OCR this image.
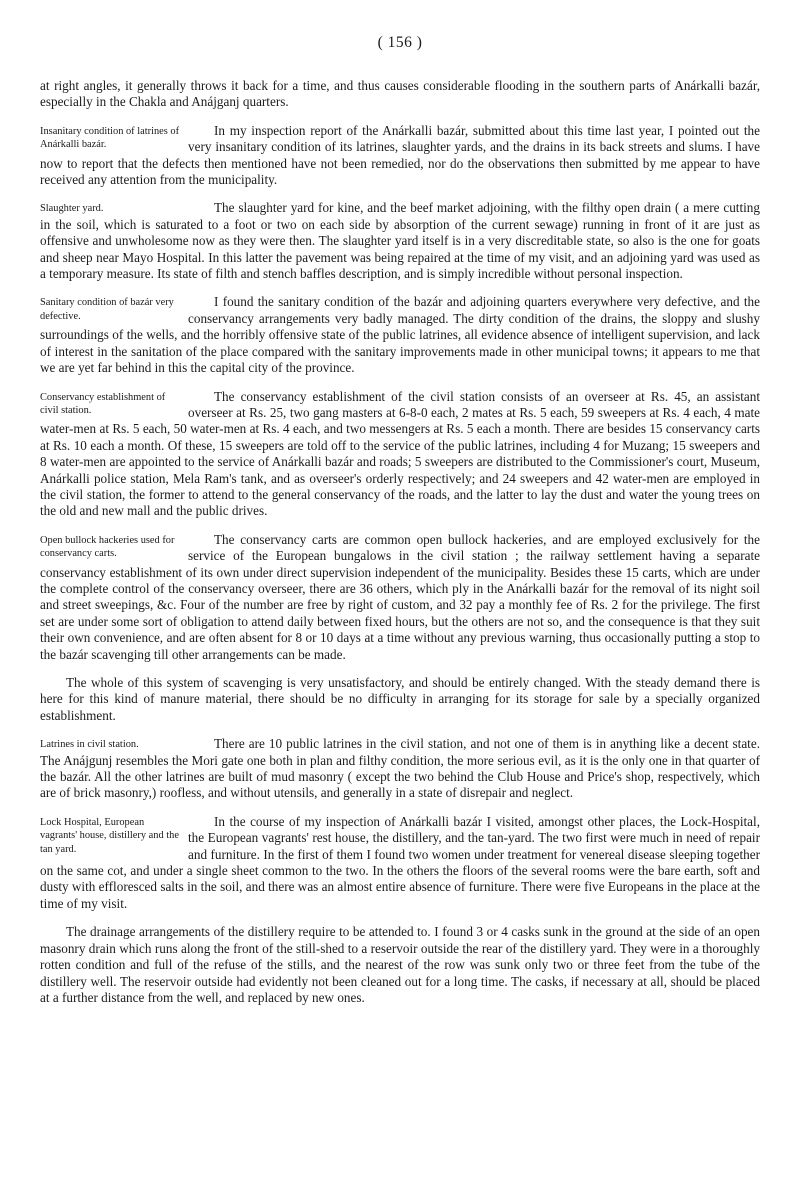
( 156 )
at right angles, it generally throws it back for a time, and thus causes considerable flooding in the southern parts of Anárkalli bazár, especially in the Chakla and Anájganj quarters.
Insanitary condition of latrines of Anárkalli bazár.
In my inspection report of the Anárkalli bazár, submitted about this time last year, I pointed out the very insanitary condition of its latrines, slaughter yards, and the drains in its back streets and slums. I have now to report that the defects then mentioned have not been remedied, nor do the observations then submitted by me appear to have received any attention from the municipality.
Slaughter yard.	The slaughter yard for kine, and the beef market adjoining, with the filthy open drain ( a mere cutting in the soil, which is saturated to a foot or two on each side by absorption of the current sewage) running in front of it are just as offensive and unwholesome now as they were then. The slaughter yard itself is in a very discreditable state, so also is the one for goats and sheep near Mayo Hospital. In this latter the pavement was being repaired at the time of my visit, and an adjoining yard was used as a temporary measure. Its state of filth and stench baffles description, and is simply incredible without personal inspection.
Sanitary condition of bazár very defective.
I found the sanitary condition of the bazár and adjoining quarters everywhere very defective, and the conservancy arrangements very badly managed. The dirty condition of the drains, the sloppy and slushy surroundings of the wells, and the horribly offensive state of the public latrines, all evidence absence of intelligent supervision, and lack of interest in the sanitation of the place compared with the sanitary improvements made in other municipal towns; it appears to me that we are yet far behind in this the capital city of the province.
Conservancy establishment of civil station.
The conservancy establishment of the civil station consists of an overseer at Rs. 45, an assistant overseer at Rs. 25, two gang masters at 6-8-0 each, 2 mates at Rs. 5 each, 59 sweepers at Rs. 4 each, 4 mate water-men at Rs. 5 each, 50 water-men at Rs. 4 each, and two messengers at Rs. 5 each a month. There are besides 15 conservancy carts at Rs. 10 each a month. Of these, 15 sweepers are told off to the service of the public latrines, including 4 for Muzang; 15 sweepers and 8 water-men are appointed to the service of Anárkalli bazár and roads; 5 sweepers are distributed to the Commissioner's court, Museum, Anárkalli police station, Mela Ram's tank, and as overseer's orderly respectively; and 24 sweepers and 42 water-men are employed in the civil station, the former to attend to the general conservancy of the roads, and the latter to lay the dust and water the young trees on the old and new mall and the public drives.
Open bullock hackeries used for conservancy carts.
The conservancy carts are common open bullock hackeries, and are employed exclusively for the service of the European bungalows in the civil station ; the railway settlement having a separate conservancy establishment of its own under direct supervision independent of the municipality. Besides these 15 carts, which are under the complete control of the conservancy overseer, there are 36 others, which ply in the Anárkalli bazár for the removal of its night soil and street sweepings, &c. Four of the number are free by right of custom, and 32 pay a monthly fee of Rs. 2 for the privilege. The first set are under some sort of obligation to attend daily between fixed hours, but the others are not so, and the consequence is that they suit their own convenience, and are often absent for 8 or 10 days at a time without any previous warning, thus occasionally putting a stop to the bazár scavenging till other arrangements can be made.
The whole of this system of scavenging is very unsatisfactory, and should be entirely changed. With the steady demand there is here for this kind of manure material, there should be no difficulty in arranging for its storage for sale by a specially organized establishment.
Latrines in civil station.	There are 10 public latrines in the civil station, and not one of them is in anything like a decent state. The Anájgunj resembles the Mori gate one both in plan and filthy condition, the more serious evil, as it is the only one in that quarter of the bazár. All the other latrines are built of mud masonry ( except the two behind the Club House and Price's shop, respectively, which are of brick masonry,) roofless, and without utensils, and generally in a state of disrepair and neglect.
Lock Hospital, European vagrants' house, distillery and the tan yard.
In the course of my inspection of Anárkalli bazár I visited, amongst other places, the Lock-Hospital, the European vagrants' rest house, the distillery, and the tan-yard. The two first were much in need of repair and furniture. In the first of them I found two women under treatment for venereal disease sleeping together on the same cot, and under a single sheet common to the two. In the others the floors of the several rooms were the bare earth, soft and dusty with effloresced salts in the soil, and there was an almost entire absence of furniture. There were five Europeans in the place at the time of my visit.
The drainage arrangements of the distillery require to be attended to. I found 3 or 4 casks sunk in the ground at the side of an open masonry drain which runs along the front of the still-shed to a reservoir outside the rear of the distillery yard. They were in a thoroughly rotten condition and full of the refuse of the stills, and the nearest of the row was sunk only two or three feet from the tube of the distillery well. The reservoir outside had evidently not been cleaned out for a long time. The casks, if necessary at all, should be placed at a further distance from the well, and replaced by new ones.
